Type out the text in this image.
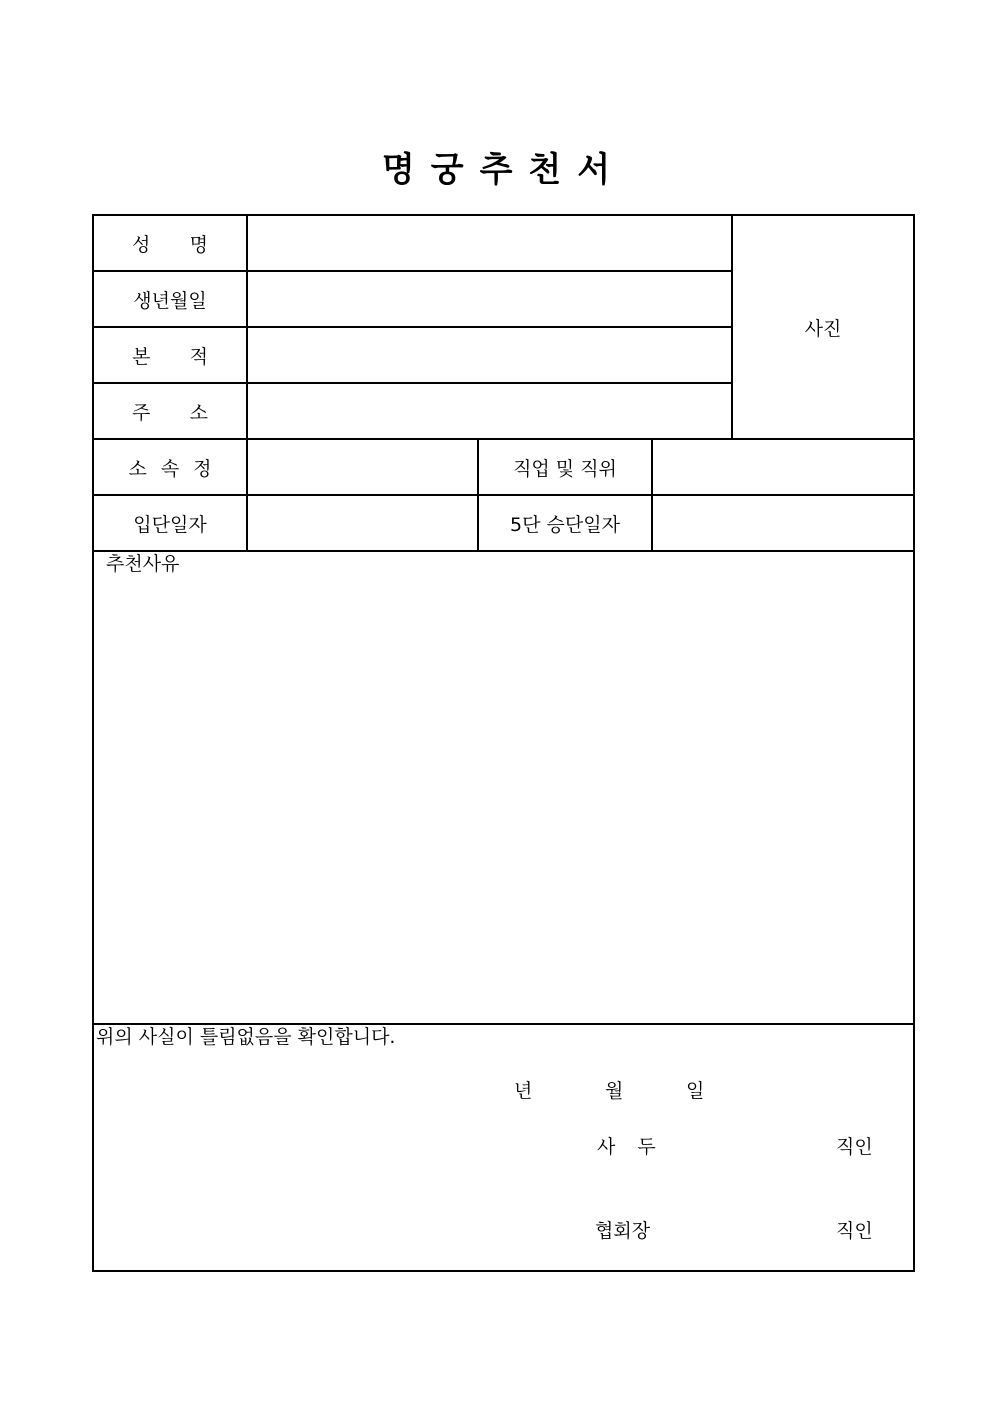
명궁추천서
성 명
생년월일
본 적
주 소
사진
소 속 정	직업 및 직위
입단일자	5단 승단일자
추천사유
위의 사실이 틀림없음을 확인합니다.
년	월	일
사 두	직인
협회장	직인
